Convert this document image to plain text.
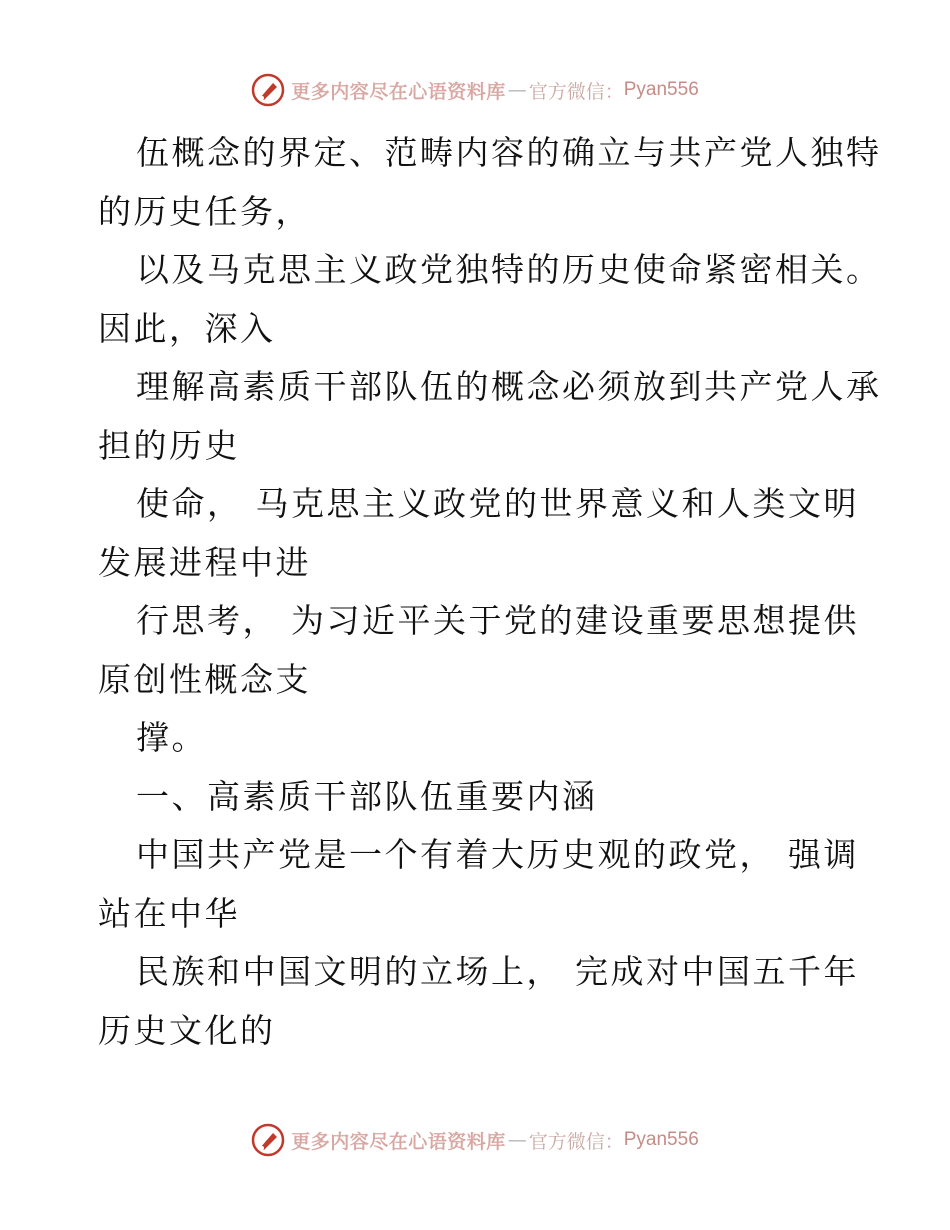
更多内容尽在心语资料库 — 官方微信： Pyan556
伍概念的界定、范畴内容的确立与共产党人独特
的历史任务，
以及马克思主义政党独特的历史使命紧密相关。
因此，深入
理解高素质干部队伍的概念必须放到共产党人承
担的历史
使命， 马克思主义政党的世界意义和人类文明
发展进程中进
行思考， 为习近平关于党的建设重要思想提供
原创性概念支
撑。
一、高素质干部队伍重要内涵
中国共产党是一个有着大历史观的政党， 强调
站在中华
民族和中国文明的立场上， 完成对中国五千年
历史文化的
更多内容尽在心语资料库 — 官方微信： Pyan556
